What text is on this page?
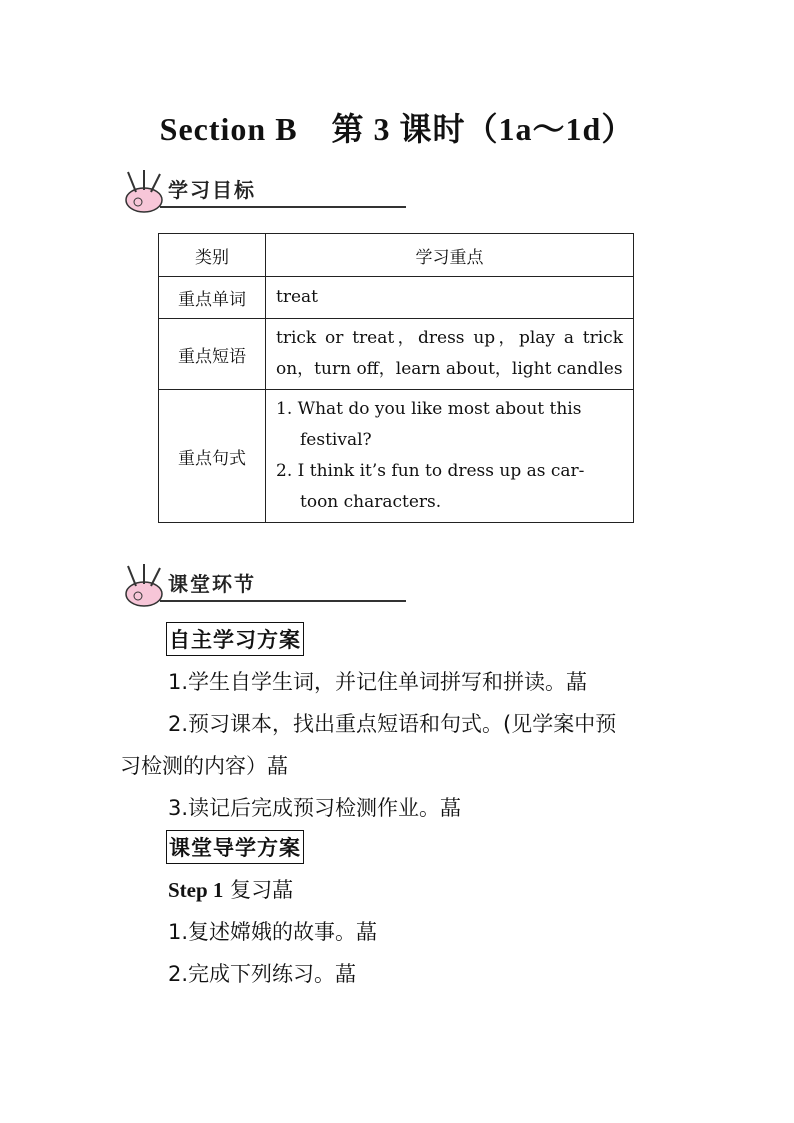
Section B 第 3 课时（1a～1d）
学习目标
类别	学习重点
重点单词	treat
重点短语	trick or treat，dress up，play a trick on，turn off，learn about，light candles
重点句式	1. What do you like most about this
festival?
2. I think it’s fun to dress up as car-
toon characters.
课堂环节
自主学习方案
1.学生自学生词，并记住单词拼写和拼读。蕌
2.预习课本，找出重点短语和句式。(见学案中预
习检测的内容）蕌
3.读记后完成预习检测作业。蕌
课堂导学方案
Step 1 复习蕌
1.复述嫦娥的故事。蕌
2.完成下列练习。蕌
